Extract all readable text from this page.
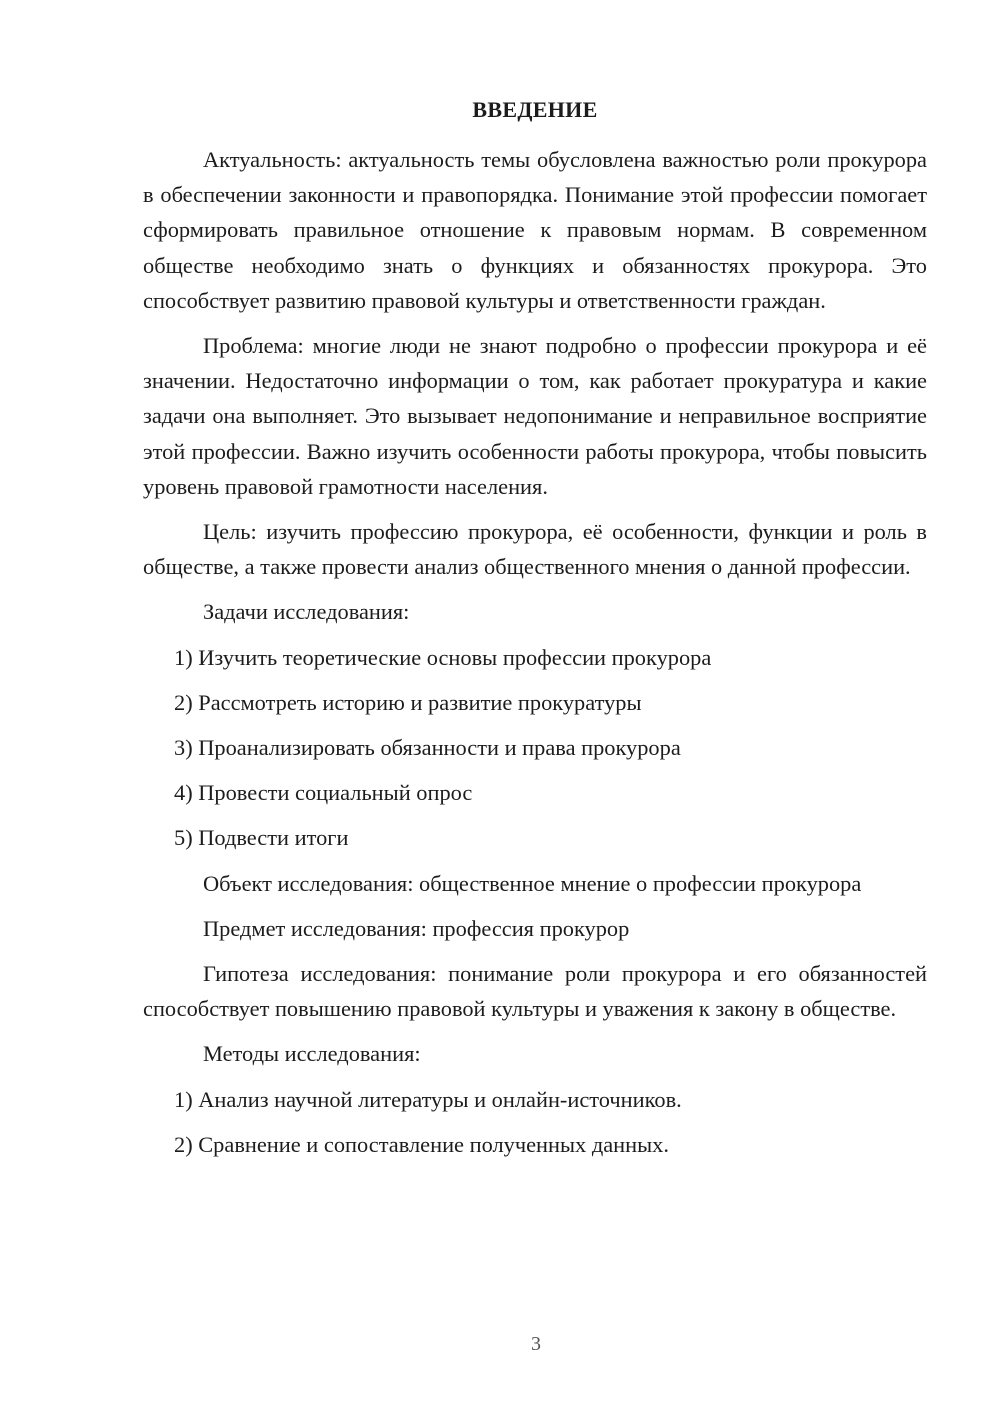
ВВЕДЕНИЕ

Актуальность: актуальность темы обусловлена важностью роли прокурора в обеспечении законности и правопорядка. Понимание этой профессии помогает сформировать правильное отношение к правовым нормам. В современном обществе необходимо знать о функциях и обязанностях прокурора. Это способствует развитию правовой культуры и ответственности граждан.

Проблема: многие люди не знают подробно о профессии прокурора и её значении. Недостаточно информации о том, как работает прокуратура и какие задачи она выполняет. Это вызывает недопонимание и неправильное восприятие этой профессии. Важно изучить особенности работы прокурора, чтобы повысить уровень правовой грамотности населения.

Цель: изучить профессию прокурора, её особенности, функции и роль в обществе, а также провести анализ общественного мнения о данной профессии.

Задачи исследования:
1) Изучить теоретические основы профессии прокурора
2) Рассмотреть историю и развитие прокуратуры
3) Проанализировать обязанности и права прокурора
4) Провести социальный опрос
5) Подвести итоги
Объект исследования: общественное мнение о профессии прокурора
Предмет исследования: профессия прокурор

Гипотеза исследования: понимание роли прокурора и его обязанностей способствует повышению правовой культуры и уважения к закону в обществе.

Методы исследования:
1) Анализ научной литературы и онлайн-источников.
2) Сравнение и сопоставление полученных данных.
3
